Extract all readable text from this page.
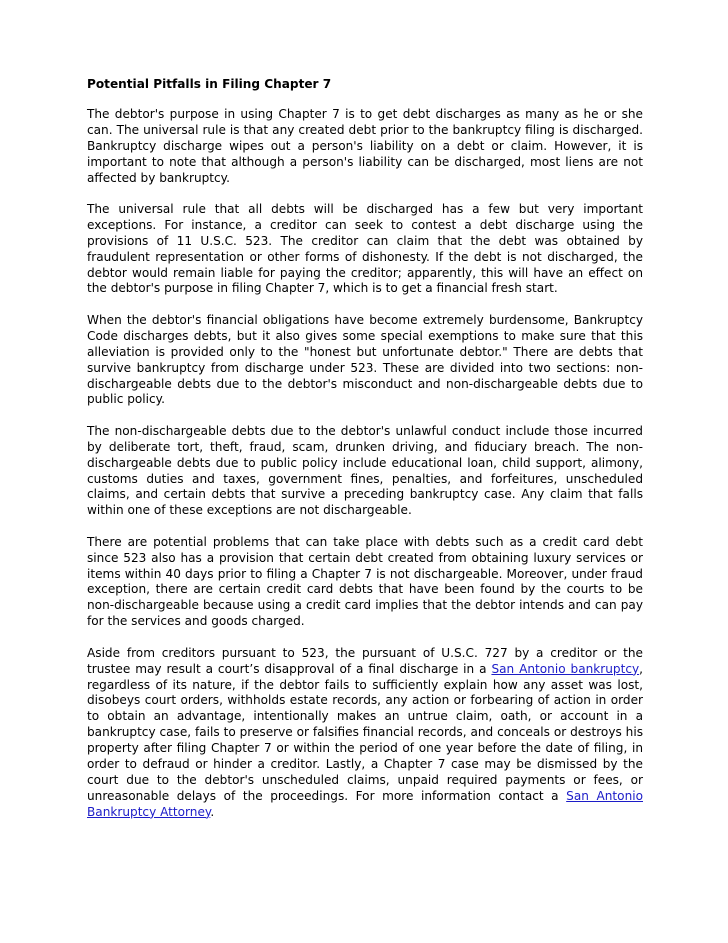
Potential Pitfalls in Filing Chapter 7

The debtor's purpose in using Chapter 7 is to get debt discharges as many as he or she can. The universal rule is that any created debt prior to the bankruptcy filing is discharged. Bankruptcy discharge wipes out a person's liability on a debt or claim. However, it is important to note that although a person's liability can be discharged, most liens are not affected by bankruptcy.

The universal rule that all debts will be discharged has a few but very important exceptions. For instance, a creditor can seek to contest a debt discharge using the provisions of 11 U.S.C. 523. The creditor can claim that the debt was obtained by fraudulent representation or other forms of dishonesty. If the debt is not discharged, the debtor would remain liable for paying the creditor; apparently, this will have an effect on the debtor's purpose in filing Chapter 7, which is to get a financial fresh start.

When the debtor's financial obligations have become extremely burdensome, Bankruptcy Code discharges debts, but it also gives some special exemptions to make sure that this alleviation is provided only to the "honest but unfortunate debtor." There are debts that survive bankruptcy from discharge under 523. These are divided into two sections: non-dischargeable debts due to the debtor's misconduct and non-dischargeable debts due to public policy.

The non-dischargeable debts due to the debtor's unlawful conduct include those incurred by deliberate tort, theft, fraud, scam, drunken driving, and fiduciary breach. The non-dischargeable debts due to public policy include educational loan, child support, alimony, customs duties and taxes, government fines, penalties, and forfeitures, unscheduled claims, and certain debts that survive a preceding bankruptcy case. Any claim that falls within one of these exceptions are not dischargeable.

There are potential problems that can take place with debts such as a credit card debt since 523 also has a provision that certain debt created from obtaining luxury services or items within 40 days prior to filing a Chapter 7 is not dischargeable. Moreover, under fraud exception, there are certain credit card debts that have been found by the courts to be non-dischargeable because using a credit card implies that the debtor intends and can pay for the services and goods charged.

Aside from creditors pursuant to 523, the pursuant of U.S.C. 727 by a creditor or the trustee may result a court’s disapproval of a final discharge in a San Antonio bankruptcy, regardless of its nature, if the debtor fails to sufficiently explain how any asset was lost, disobeys court orders, withholds estate records, any action or forbearing of action in order to obtain an advantage, intentionally makes an untrue claim, oath, or account in a bankruptcy case, fails to preserve or falsifies financial records, and conceals or destroys his property after filing Chapter 7 or within the period of one year before the date of filing, in order to defraud or hinder a creditor. Lastly, a Chapter 7 case may be dismissed by the court due to the debtor's unscheduled claims, unpaid required payments or fees, or unreasonable delays of the proceedings. For more information contact a San Antonio Bankruptcy Attorney.
